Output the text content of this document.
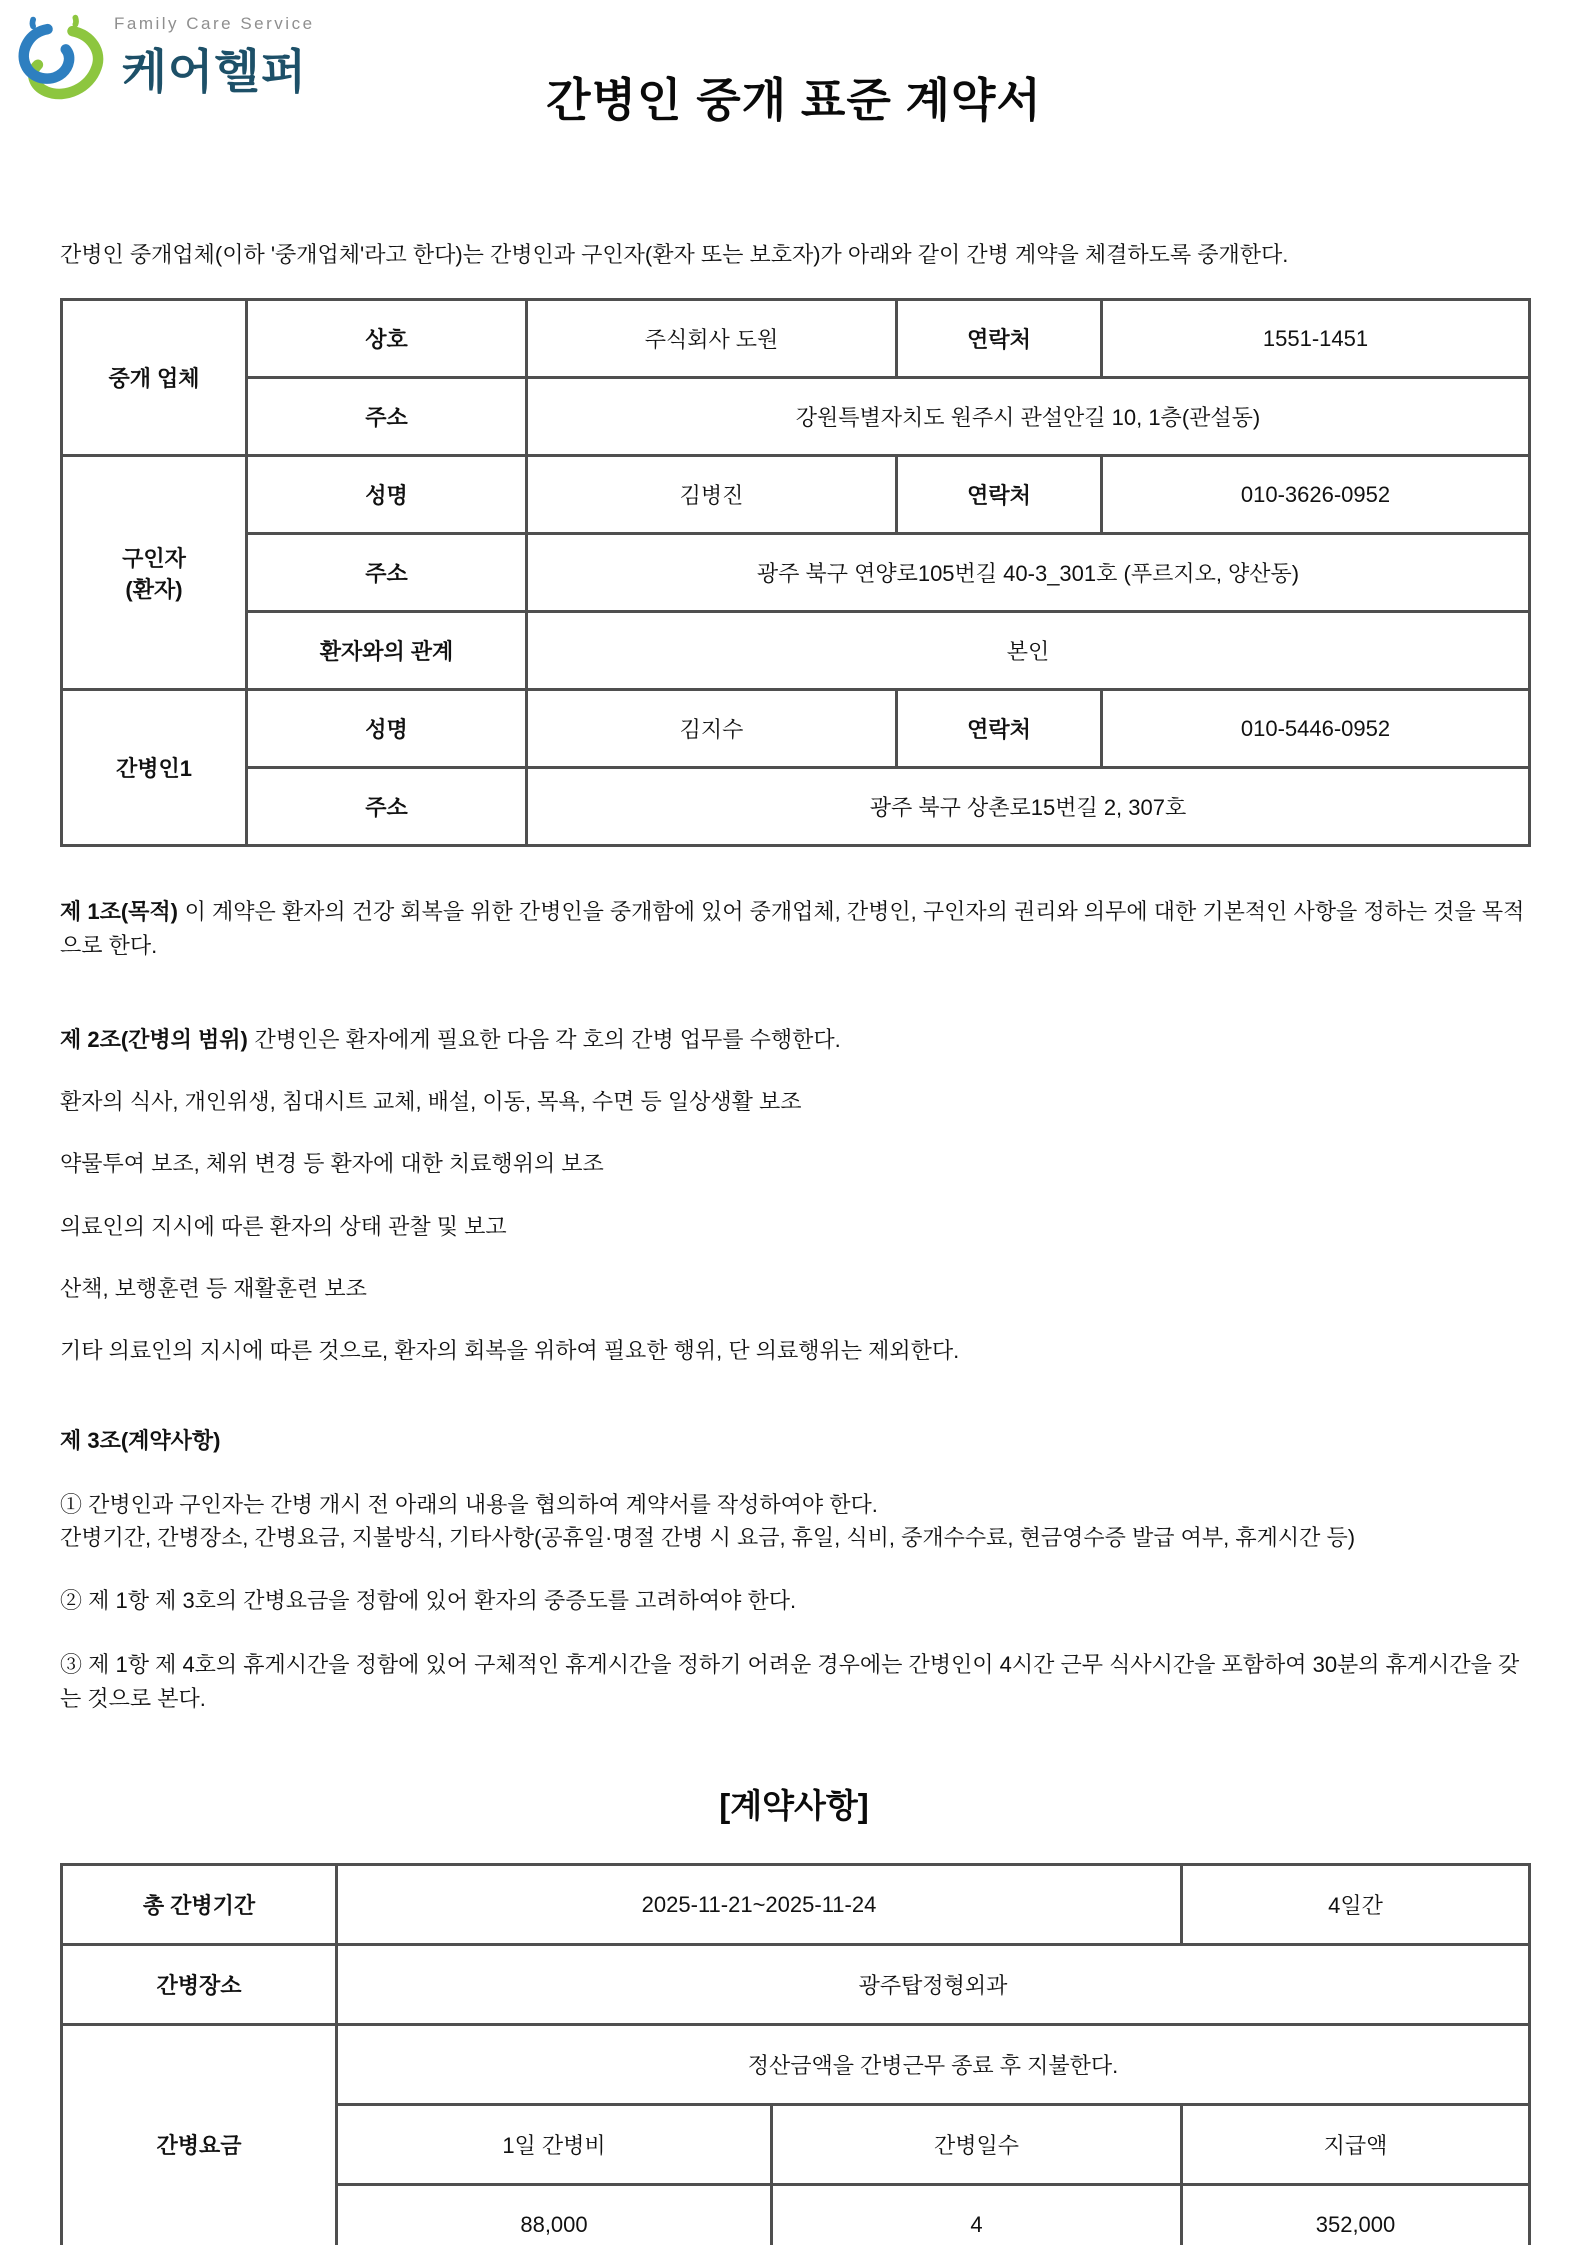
Family Care Service
케어헬퍼
간병인 중개 표준 계약서

간병인 중개업체(이하 '중개업체'라고 한다)는 간병인과 구인자(환자 또는 보호자)가 아래와 같이 간병 계약을 체결하도록 중개한다.

중개 업체	상호	주식회사 도원	연락처	1551-1451
	주소	강원특별자치도 원주시 관설안길 10, 1층(관설동)		
구인자 (환자)	성명	김병진	연락처	010-3626-0952
	주소	광주 북구 연양로105번길 40-3_301호 (푸르지오, 양산동)		
	환자와의 관계	본인		
간병인1	성명	김지수	연락처	010-5446-0952
	주소	광주 북구 상촌로15번길 2, 307호		

제 1조(목적) 이 계약은 환자의 건강 회복을 위한 간병인을 중개함에 있어 중개업체, 간병인, 구인자의 권리와 의무에 대한 기본적인 사항을 정하는 것을 목적으로 한다.

제 2조(간병의 범위) 간병인은 환자에게 필요한 다음 각 호의 간병 업무를 수행한다.

환자의 식사, 개인위생, 침대시트 교체, 배설, 이동, 목욕, 수면 등 일상생활 보조

약물투여 보조, 체위 변경 등 환자에 대한 치료행위의 보조

의료인의 지시에 따른 환자의 상태 관찰 및 보고

산책, 보행훈련 등 재활훈련 보조

기타 의료인의 지시에 따른 것으로, 환자의 회복을 위하여 필요한 행위, 단 의료행위는 제외한다.

제 3조(계약사항)

① 간병인과 구인자는 간병 개시 전 아래의 내용을 협의하여 계약서를 작성하여야 한다.
간병기간, 간병장소, 간병요금, 지불방식, 기타사항(공휴일·명절 간병 시 요금, 휴일, 식비, 중개수수료, 현금영수증 발급 여부, 휴게시간 등)

② 제 1항 제 3호의 간병요금을 정함에 있어 환자의 중증도를 고려하여야 한다.

③ 제 1항 제 4호의 휴게시간을 정함에 있어 구체적인 휴게시간을 정하기 어려운 경우에는 간병인이 4시간 근무 식사시간을 포함하여 30분의 휴게시간을 갖는 것으로 본다.

[계약사항]
총 간병기간	2025-11-21~2025-11-24		4일간
간병장소	광주탑정형외과		
간병요금	정산금액을 간병근무 종료 후 지불한다.		
	1일 간병비	간병일수	지급액
	88,000	4	352,000
